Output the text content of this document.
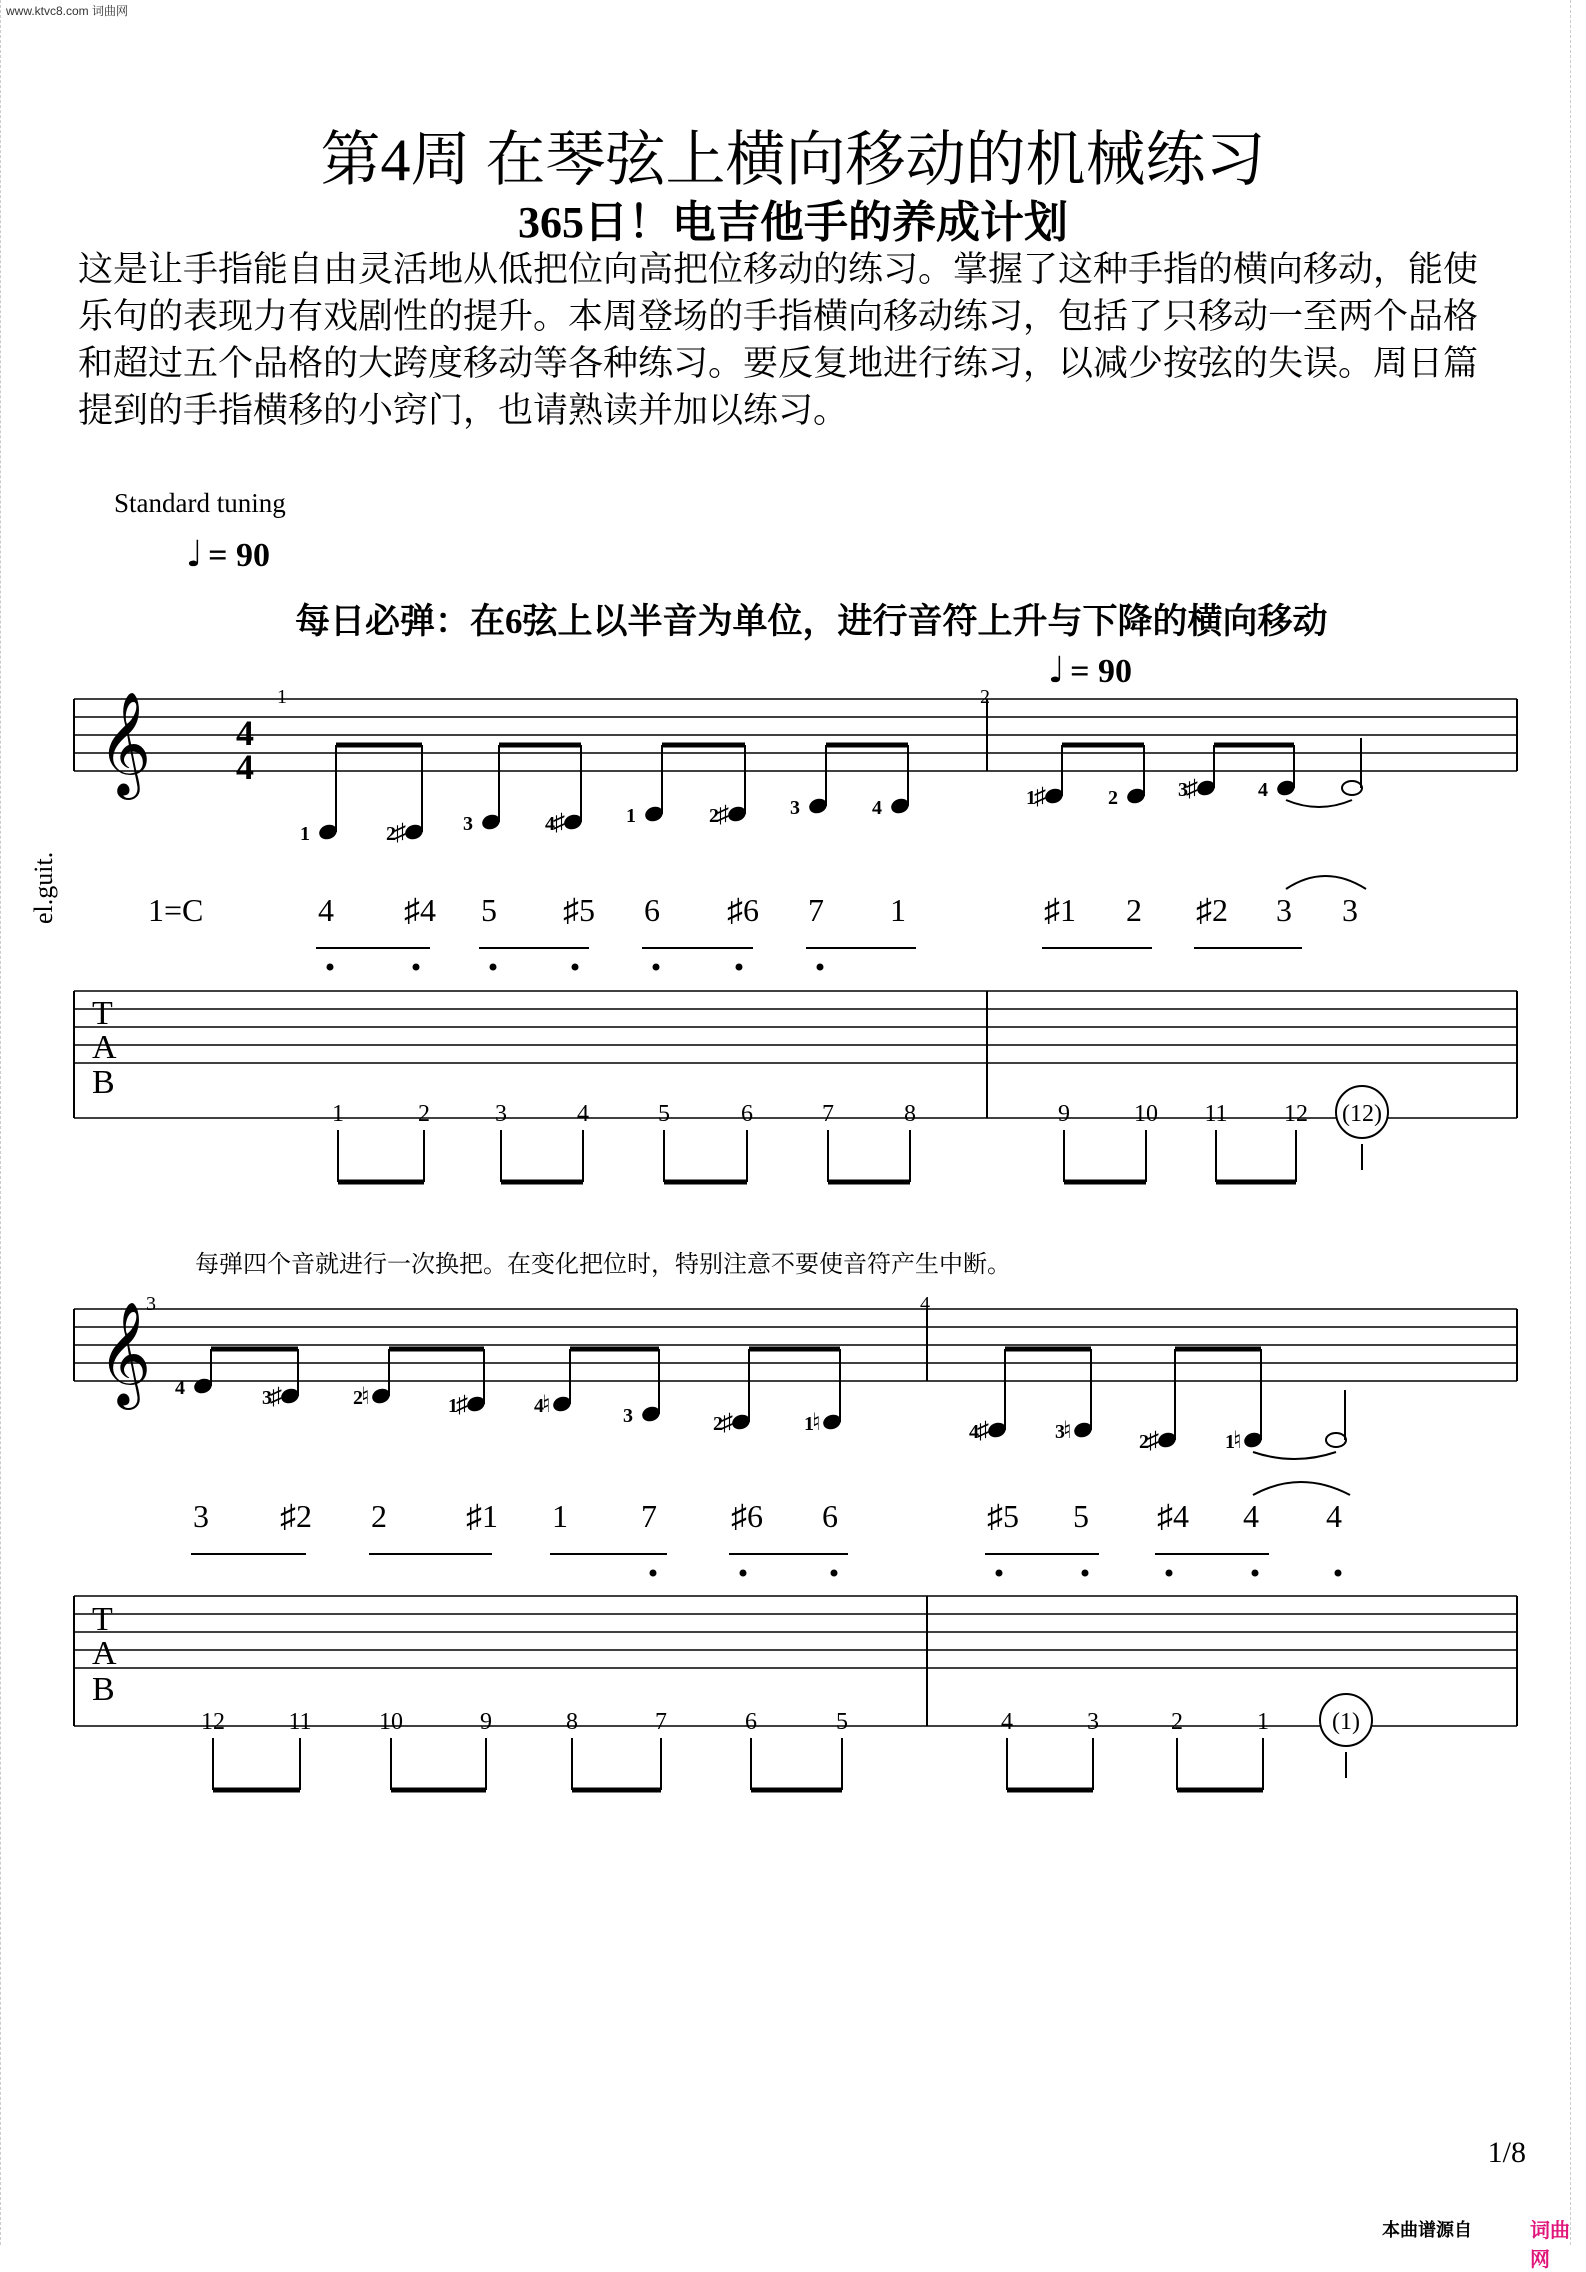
www.ktvc8.com 词曲网
第4周 在琴弦上横向移动的机械练习
365日！电吉他手的养成计划
这是让手指能自由灵活地从低把位向高把位移动的练习。掌握了这种手指的横向移动，能使乐句的表现力有戏剧性的提升。本周登场的手指横向移动练习，包括了只移动一至两个品格和超过五个品格的大跨度移动等各种练习。要反复地进行练习，以减少按弦的失误。周日篇提到的手指横移的小窍门，也请熟读并加以练习。
Standard tuning
♩ = 90
每日必弹：在6弦上以半音为单位，进行音符上升与下降的横向移动
♩ = 90
𝄞 4
4
1	2
el.guit.	1=C
T
A
B
𝄞
3	4
T
A
B
1	2
♯	3	4
♯	1	2
♯	3	4	1
♯	2	3
♯	4
4 ♯4 5 ♯5 6 ♯6 7 1	♯1 2 ♯2 3 3
1	2	3	4	5	6	7	8	9	10 11 12 (12)
4	3
♯	2
♮	1
♯	4
♮	3	2
♯	1
♮	4
♯	3
♮	2
♯	1
♮
3 ♯2 2 ♯1 1 7 ♯6 6	♯5 5 ♯4 4 4
12	11	10	9	8	7	6	5	4	3	2	1	(1)
每弹四个音就进行一次换把。在变化把位时，特别注意不要使音符产生中断。
1/8
本曲谱源自	词曲网
